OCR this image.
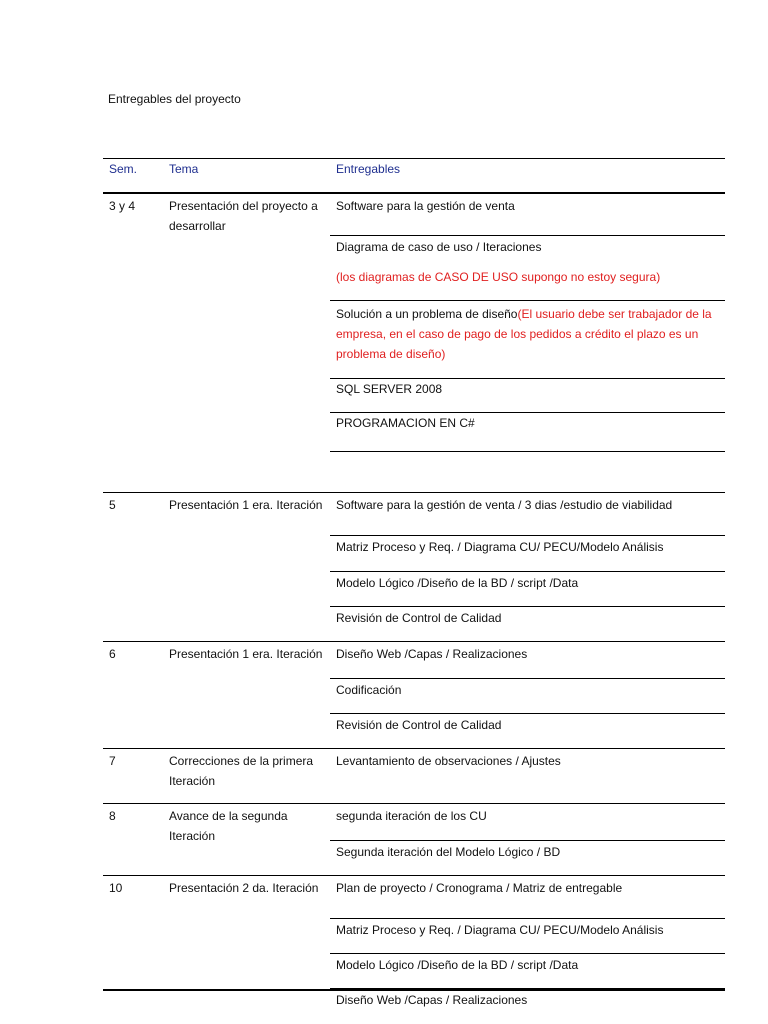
Entregables del proyecto
Sem.	Tema	Entregables

3 y 4	Presentación del proyecto a desarrollar	Software para la gestión de venta
		Diagrama de caso de uso / Iteraciones
		(los diagramas de CASO DE USO supongo no estoy segura)
		Solución a un problema de diseño(El usuario debe ser trabajador de la empresa, en el caso de pago de los pedidos a crédito el plazo es un problema de diseño)
		SQL SERVER 2008
		PROGRAMACION EN C#

5	Presentación 1 era. Iteración	Software para la gestión de venta / 3 dias /estudio de viabilidad
		Matriz Proceso y Req. / Diagrama CU/ PECU/Modelo Análisis
		Modelo Lógico /Diseño de la BD / script /Data
		Revisión de Control de Calidad
6	Presentación 1 era. Iteración	Diseño Web /Capas / Realizaciones
		Codificación
		Revisión de Control de Calidad
7	Correcciones de la primera Iteración	Levantamiento de observaciones / Ajustes
8	Avance de la segunda Iteración	segunda iteración de los CU
		Segunda iteración del Modelo Lógico / BD
10	Presentación 2 da. Iteración	Plan de proyecto / Cronograma / Matriz de entregable
		Matriz Proceso y Req. / Diagrama CU/ PECU/Modelo Análisis
		Modelo Lógico /Diseño de la BD / script /Data
		Diseño Web /Capas / Realizaciones
